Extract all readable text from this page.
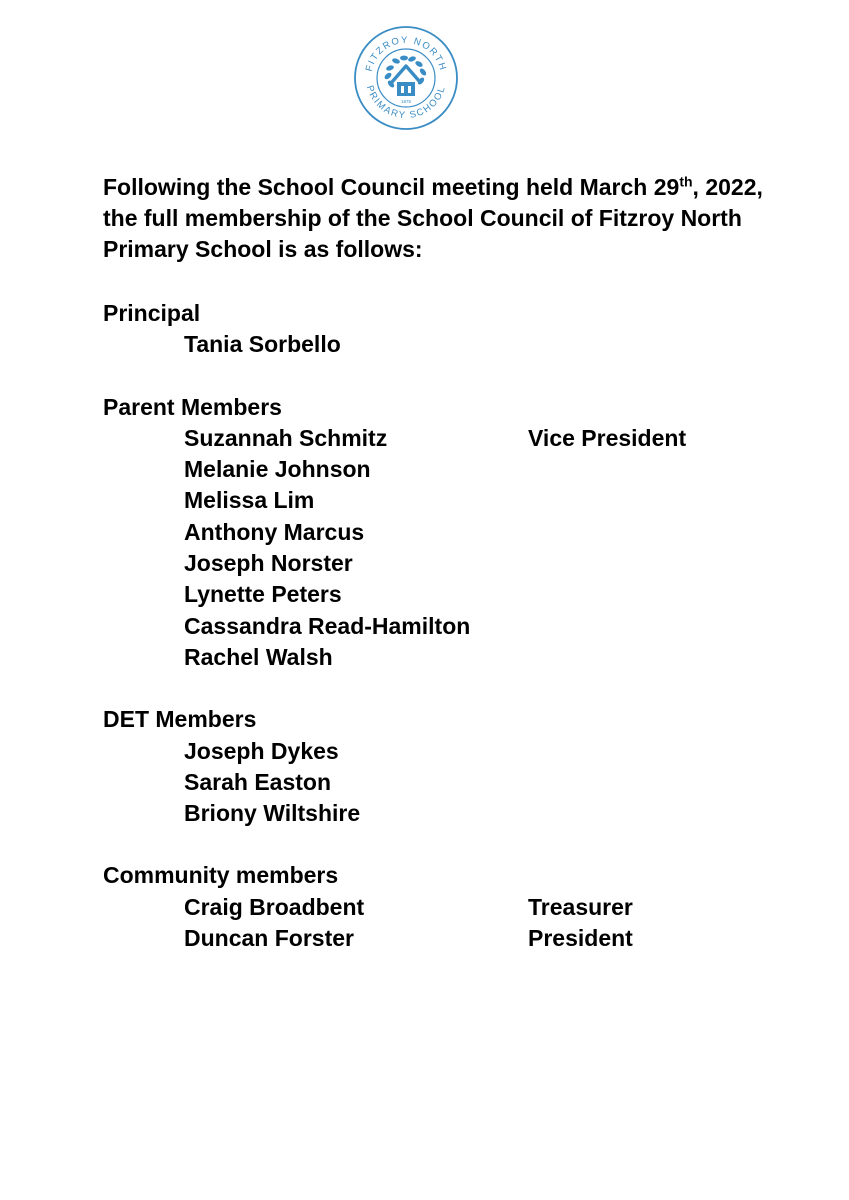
FITZROY NORTH
PRIMARY SCHOOL
1875

Following the School Council meeting held March 29th, 2022,
the full membership of the School Council of Fitzroy North
Primary School is as follows:

Principal
Tania Sorbello
Parent Members
Suzannah Schmitz	Vice President
Melanie Johnson
Melissa Lim
Anthony Marcus
Joseph Norster
Lynette Peters
Cassandra Read-Hamilton
Rachel Walsh
DET Members
Joseph Dykes
Sarah Easton
Briony Wiltshire
Community members
Craig Broadbent	Treasurer
Duncan Forster	President
